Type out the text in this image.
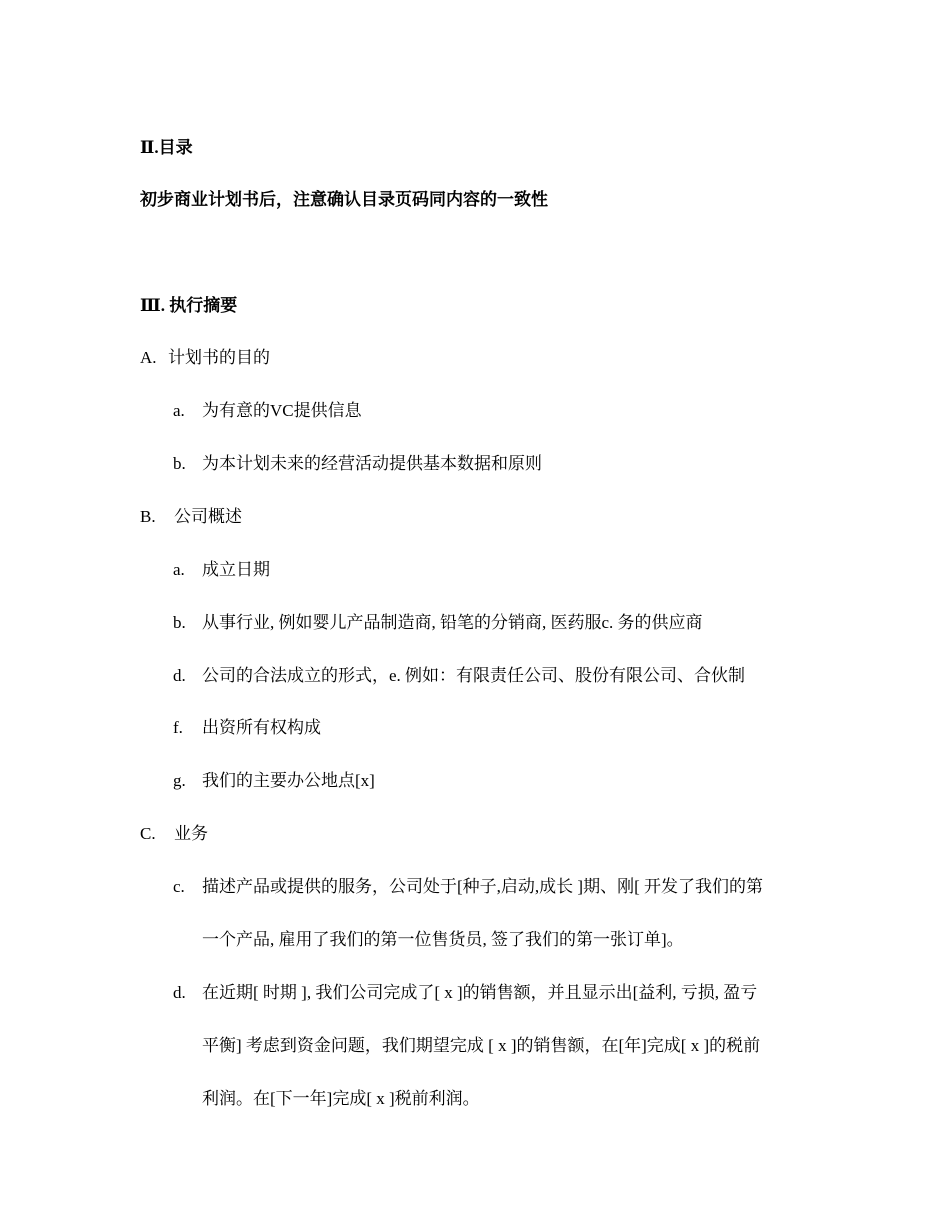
Ⅱ.目录
初步商业计划书后，注意确认目录页码同内容的一致性
Ⅲ. 执行摘要
A. 计划书的目的
a. 为有意的VC提供信息
b. 为本计划未来的经营活动提供基本数据和原则
B. 公司概述
a. 成立日期
b. 从事行业, 例如婴儿产品制造商, 铅笔的分销商, 医药服c. 务的供应商
d. 公司的合法成立的形式，e. 例如：有限责任公司、股份有限公司、合伙制
f. 出资所有权构成
g. 我们的主要办公地点[x]
C. 业务
c. 描述产品或提供的服务，公司处于[种子,启动,成长 ]期、刚[ 开发了我们的第
一个产品, 雇用了我们的第一位售货员, 签了我们的第一张订单]。
d. 在近期[ 时期 ], 我们公司完成了[ x ]的销售额，并且显示出[益利, 亏损, 盈亏
平衡] 考虑到资金问题，我们期望完成 [ x ]的销售额，在[年]完成[ x ]的税前
利润。在[下一年]完成[ x ]税前利润。
